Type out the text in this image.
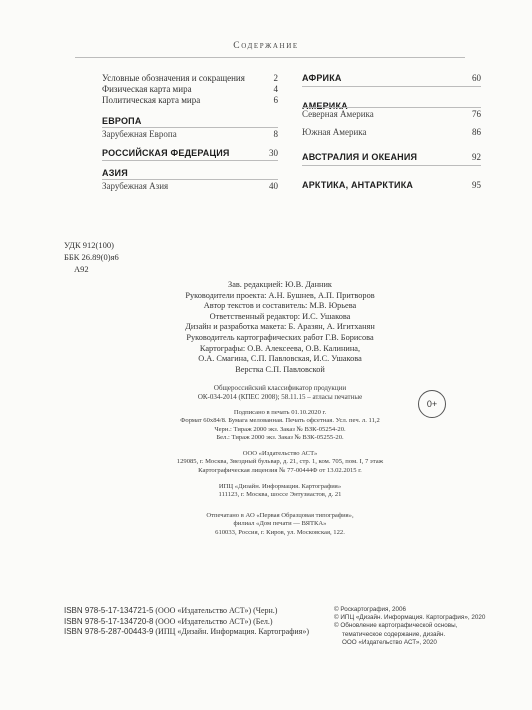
Содержание
Условные обозначения и сокращения	2
Физическая карта мира	4
Политическая карта мира	6
ЕВРОПА
Зарубежная Европа	8
РОССИЙСКАЯ ФЕДЕРАЦИЯ	30
АЗИЯ
Зарубежная Азия	40
АФРИКА	60
АМЕРИКА
Северная Америка	76
Южная Америка	86
АВСТРАЛИЯ И ОКЕАНИЯ	92
АРКТИКА, АНТАРКТИКА	95
УДК 912(100)
ББК 26.89(0)я6
А92
Зав. редакцией: Ю.В. Данник
Руководители проекта: А.Н. Бушнев, А.П. Притворов
Автор текстов и составитель: М.В. Юрьева
Ответственный редактор: И.С. Ушакова
Дизайн и разработка макета: Б. Аразян, А. Игитханян
Руководитель картографических работ Г.В. Борисова
Картографы: О.В. Алексеева, О.В. Калинина,
О.А. Смагина, С.П. Павловская, И.С. Ушакова
Верстка С.П. Павловской
Общероссийский классификатор продукции
ОК-034-2014 (КПЕС 2008); 58.11.15 – атласы печатные
0+
Подписано в печать 01.10.2020 г.
Формат 60х84/8. Бумага мелованная. Печать офсетная. Усл. печ. л. 11,2
Черн.: Тираж 2000 экз. Заказ № ВЗК-05254-20.
Бел.: Тираж 2000 экз. Заказ № ВЗК-05255-20.
ООО «Издательство АСТ»
129085, г. Москва, Звездный бульвар, д. 21, стр. 1, ком. 705, пом. I, 7 этаж
Картографическая лицензия № 77-00444Ф от 13.02.2015 г.
ИПЦ «Дизайн. Информация. Картография»
111123, г. Москва, шоссе Энтузиастов, д. 21
Отпечатано в АО «Первая Образцовая типография»,
филиал «Дом печати — ВЯТКА»
610033, Россия, г. Киров, ул. Московская, 122.
ISBN 978-5-17-134721-5 (ООО «Издательство АСТ») (Черн.)
ISBN 978-5-17-134720-8 (ООО «Издательство АСТ») (Бел.)
ISBN 978-5-287-00443-9 (ИПЦ «Дизайн. Информация. Картография»)
© Роскартография, 2006
© ИПЦ «Дизайн. Информация. Картография», 2020
© Обновление картографической основы,
тематическое содержание, дизайн.
ООО «Издательство АСТ», 2020
